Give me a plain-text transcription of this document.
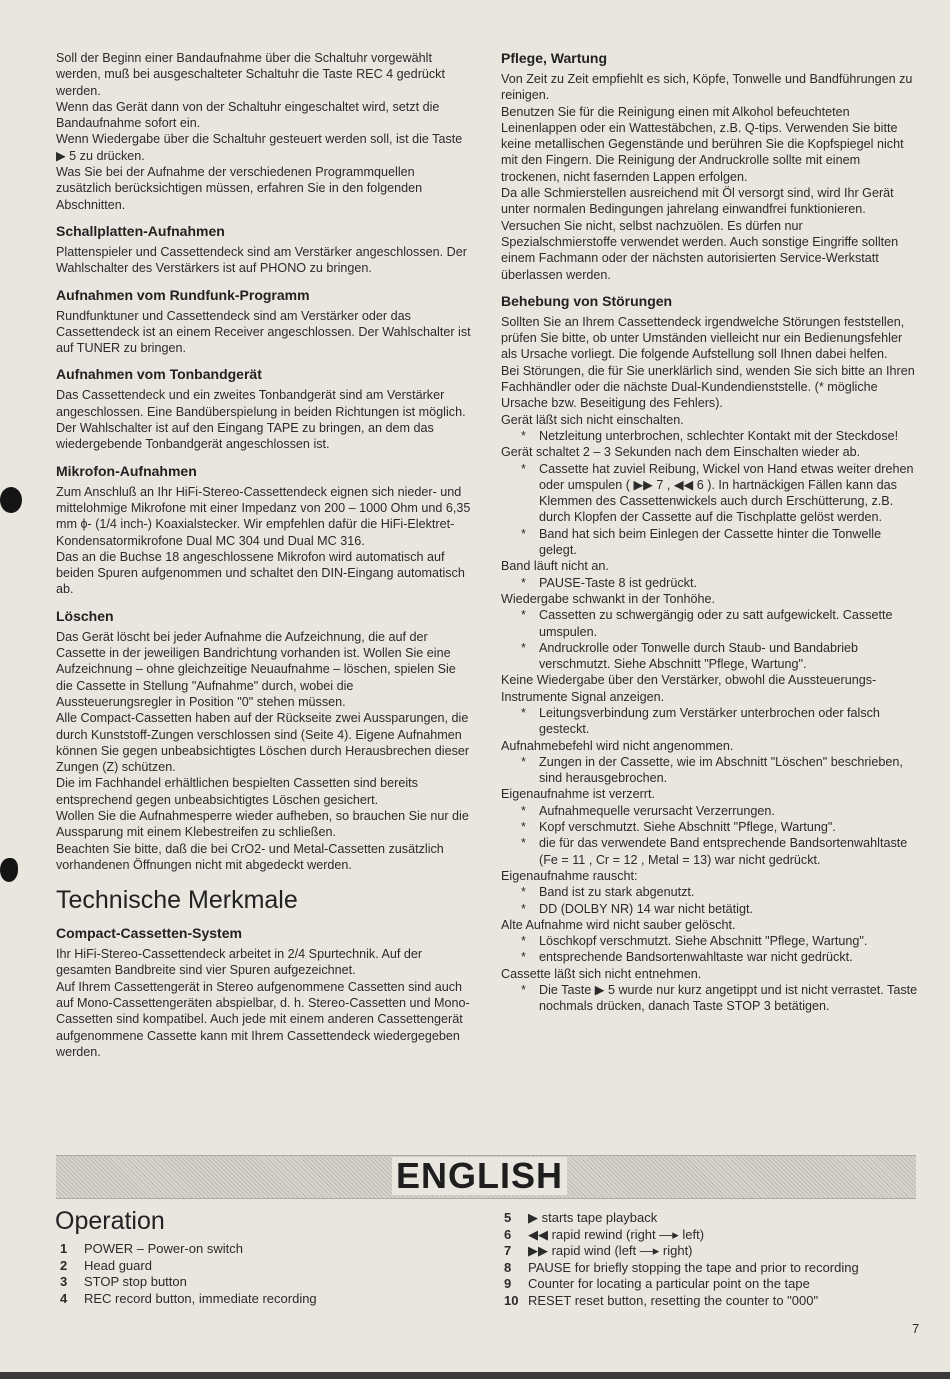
Soll der Beginn einer Bandaufnahme über die Schaltuhr vorgewählt werden, muß bei ausgeschalteter Schaltuhr die Taste REC 4 gedrückt werden.

Wenn das Gerät dann von der Schaltuhr eingeschaltet wird, setzt die Bandaufnahme sofort ein.

Wenn Wiedergabe über die Schaltuhr gesteuert werden soll, ist die Taste ▶ 5 zu drücken.

Was Sie bei der Aufnahme der verschiedenen Programmquellen zusätzlich berücksichtigen müssen, erfahren Sie in den folgenden Abschnitten.

Schallplatten-Aufnahmen

Plattenspieler und Cassettendeck sind am Verstärker angeschlossen. Der Wahlschalter des Verstärkers ist auf PHONO zu bringen.

Aufnahmen vom Rundfunk-Programm

Rundfunktuner und Cassettendeck sind am Verstärker oder das Cassettendeck ist an einem Receiver angeschlossen. Der Wahlschalter ist auf TUNER zu bringen.

Aufnahmen vom Tonbandgerät

Das Cassettendeck und ein zweites Tonbandgerät sind am Verstärker angeschlossen. Eine Bandüberspielung in beiden Richtungen ist möglich.

Der Wahlschalter ist auf den Eingang TAPE zu bringen, an dem das wiedergebende Tonbandgerät angeschlossen ist.

Mikrofon-Aufnahmen

Zum Anschluß an Ihr HiFi-Stereo-Cassettendeck eignen sich nieder- und mittelohmige Mikrofone mit einer Impedanz von 200 – 1000 Ohm und 6,35 mm ϕ- (1/4 inch-) Koaxialstecker. Wir empfehlen dafür die HiFi-Elektret-Kondensatormikrofone Dual MC 304 und Dual MC 316.

Das an die Buchse 18 angeschlossene Mikrofon wird automatisch auf beiden Spuren aufgenommen und schaltet den DIN-Eingang automatisch ab.

Löschen

Das Gerät löscht bei jeder Aufnahme die Aufzeichnung, die auf der Cassette in der jeweiligen Bandrichtung vorhanden ist. Wollen Sie eine Aufzeichnung – ohne gleichzeitige Neuaufnahme – löschen, spielen Sie die Cassette in Stellung "Aufnahme" durch, wobei die Aussteuerungsregler in Position "0" stehen müssen.

Alle Compact-Cassetten haben auf der Rückseite zwei Aussparungen, die durch Kunststoff-Zungen verschlossen sind (Seite 4). Eigene Aufnahmen können Sie gegen unbeabsichtigtes Löschen durch Herausbrechen dieser Zungen (Z) schützen.

Die im Fachhandel erhältlichen bespielten Cassetten sind bereits entsprechend gegen unbeabsichtigtes Löschen gesichert.

Wollen Sie die Aufnahmesperre wieder aufheben, so brauchen Sie nur die Aussparung mit einem Klebestreifen zu schließen.

Beachten Sie bitte, daß die bei CrO2- und Metal-Cassetten zusätzlich vorhandenen Öffnungen nicht mit abgedeckt werden.

Technische Merkmale
Compact-Cassetten-System

Ihr HiFi-Stereo-Cassettendeck arbeitet in 2/4 Spurtechnik. Auf der gesamten Bandbreite sind vier Spuren aufgezeichnet.

Auf Ihrem Cassettengerät in Stereo aufgenommene Cassetten sind auch auf Mono-Cassettengeräten abspielbar, d. h. Stereo-Cassetten und Mono-Cassetten sind kompatibel. Auch jede mit einem anderen Cassettengerät aufgenommene Cassette kann mit Ihrem Cassettendeck wiedergegeben werden.

Pflege, Wartung

Von Zeit zu Zeit empfiehlt es sich, Köpfe, Tonwelle und Bandführungen zu reinigen.

Benutzen Sie für die Reinigung einen mit Alkohol befeuchteten Leinenlappen oder ein Wattestäbchen, z.B. Q-tips. Verwenden Sie bitte keine metallischen Gegenstände und berühren Sie die Kopfspiegel nicht mit den Fingern. Die Reinigung der Andruckrolle sollte mit einem trockenen, nicht fasernden Lappen erfolgen.

Da alle Schmierstellen ausreichend mit Öl versorgt sind, wird Ihr Gerät unter normalen Bedingungen jahrelang einwandfrei funktionieren. Versuchen Sie nicht, selbst nachzuölen. Es dürfen nur Spezialschmierstoffe verwendet werden. Auch sonstige Eingriffe sollten einem Fachmann oder der nächsten autorisierten Service-Werkstatt überlassen werden.

Behebung von Störungen

Sollten Sie an Ihrem Cassettendeck irgendwelche Störungen feststellen, prüfen Sie bitte, ob unter Umständen vielleicht nur ein Bedienungsfehler als Ursache vorliegt. Die folgende Aufstellung soll Ihnen dabei helfen.

Bei Störungen, die für Sie unerklärlich sind, wenden Sie sich bitte an Ihren Fachhändler oder die nächste Dual-Kundendienststelle. (* mögliche Ursache bzw. Beseitigung des Fehlers).

Gerät läßt sich nicht einschalten.

* Netzleitung unterbrochen, schlechter Kontakt mit der Steckdose!

Gerät schaltet 2 – 3 Sekunden nach dem Einschalten wieder ab.

* Cassette hat zuviel Reibung, Wickel von Hand etwas weiter drehen oder umspulen ( ▶▶ 7 , ◀◀ 6 ). In hartnäckigen Fällen kann das Klemmen des Cassettenwickels auch durch Erschütterung, z.B. durch Klopfen der Cassette auf die Tischplatte gelöst werden.

* Band hat sich beim Einlegen der Cassette hinter die Tonwelle gelegt.

Band läuft nicht an.

* PAUSE-Taste 8 ist gedrückt.

Wiedergabe schwankt in der Tonhöhe.

* Cassetten zu schwergängig oder zu satt aufgewickelt. Cassette umspulen.

* Andruckrolle oder Tonwelle durch Staub- und Bandabrieb verschmutzt. Siehe Abschnitt "Pflege, Wartung".

Keine Wiedergabe über den Verstärker, obwohl die Aussteuerungs-Instrumente Signal anzeigen.

* Leitungsverbindung zum Verstärker unterbrochen oder falsch gesteckt.

Aufnahmebefehl wird nicht angenommen.

* Zungen in der Cassette, wie im Abschnitt "Löschen" beschrieben, sind herausgebrochen.

Eigenaufnahme ist verzerrt.

* Aufnahmequelle verursacht Verzerrungen.

* Kopf verschmutzt. Siehe Abschnitt "Pflege, Wartung".

* die für das verwendete Band entsprechende Bandsortenwahltaste (Fe = 11 , Cr = 12 , Metal = 13) war nicht gedrückt.

Eigenaufnahme rauscht:

* Band ist zu stark abgenutzt.

* DD (DOLBY NR) 14 war nicht betätigt.

Alte Aufnahme wird nicht sauber gelöscht.

* Löschkopf verschmutzt. Siehe Abschnitt "Pflege, Wartung".

* entsprechende Bandsortenwahltaste war nicht gedrückt.

Cassette läßt sich nicht entnehmen.

* Die Taste ▶ 5 wurde nur kurz angetippt und ist nicht verrastet. Taste nochmals drücken, danach Taste STOP 3 betätigen.

ENGLISH
Operation
1	POWER – Power-on switch
2	Head guard
3	STOP stop button
4	REC record button, immediate recording
5	▶ starts tape playback
6	◀◀ rapid rewind (right —▸ left)
7	▶▶ rapid wind (left —▸ right)
8	PAUSE for briefly stopping the tape and prior to recording
9	Counter for locating a particular point on the tape
10 RESET reset button, resetting the counter to "000"
7
